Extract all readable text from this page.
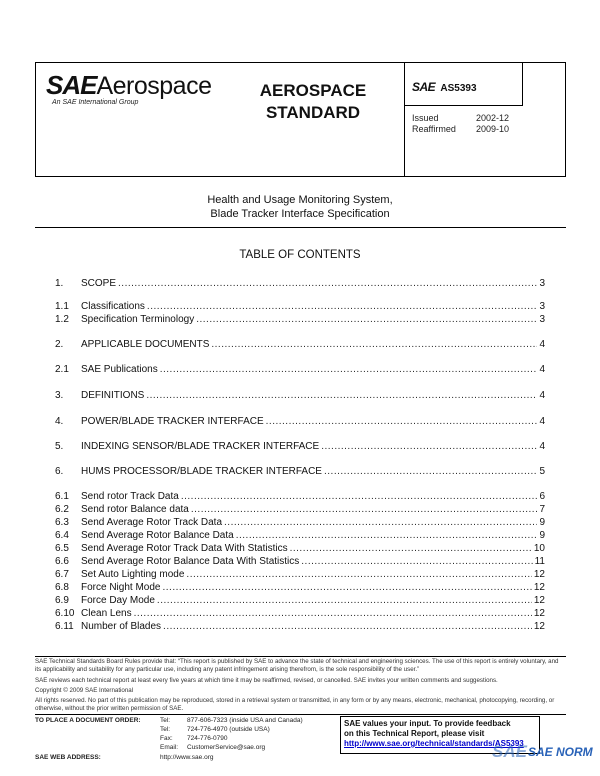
SAEAerospace
An SAE International Group
AEROSPACE
STANDARD
SAE AS5393
Issued	2002-12
Reaffirmed 2009-10
Health and Usage Monitoring System,
Blade Tracker Interface Specification
TABLE OF CONTENTS
1.	SCOPE .....	3
1.1	Classifications .....	3
1.2	Specification Terminology .....	3
2.	APPLICABLE DOCUMENTS .....	4
2.1	SAE Publications .....	4
3.	DEFINITIONS .....	4
4.	POWER/BLADE TRACKER INTERFACE .....	4
5.	INDEXING SENSOR/BLADE TRACKER INTERFACE .....	4
6.	HUMS PROCESSOR/BLADE TRACKER INTERFACE .....	5
6.1	Send rotor Track Data .....	6
6.2	Send rotor Balance data .....	7
6.3	Send Average Rotor Track Data .....	9
6.4	Send Average Rotor Balance Data .....	9
6.5	Send Average Rotor Track Data With Statistics .....	10
6.6	Send Average Rotor Balance Data With Statistics .....	11
6.7	Set Auto Lighting mode .....	12
6.8	Force Night Mode .....	12
6.9	Force Day Mode .....	12
6.10 Clean Lens .....	12
6.11 Number of Blades .....	12
SAE Technical Standards Board Rules provide that: “This report is published by SAE to advance the state of technical and engineering sciences. The use of this report is entirely voluntary, and its applicability and suitability for any particular use, including any patent infringement arising therefrom, is the sole responsibility of the user.”
SAE reviews each technical report at least every five years at which time it may be reaffirmed, revised, or cancelled. SAE invites your written comments and suggestions.
Copyright © 2009 SAE International
All rights reserved. No part of this publication may be reproduced, stored in a retrieval system or transmitted, in any form or by any means, electronic, mechanical, photocopying, recording, or otherwise, without the prior written permission of SAE.
TO PLACE A DOCUMENT ORDER:	Tel:	877-606-7323 (inside USA and Canada)
Tel:	724-776-4970 (outside USA)
Fax: 724-776-0790
Email: CustomerService@sae.org
SAE WEB ADDRESS:	http://www.sae.org
SAE values your input. To provide feedback
on this Technical Report, please visit
http://www.sae.org/technical/standards/AS5393
SAE SAE NORM
